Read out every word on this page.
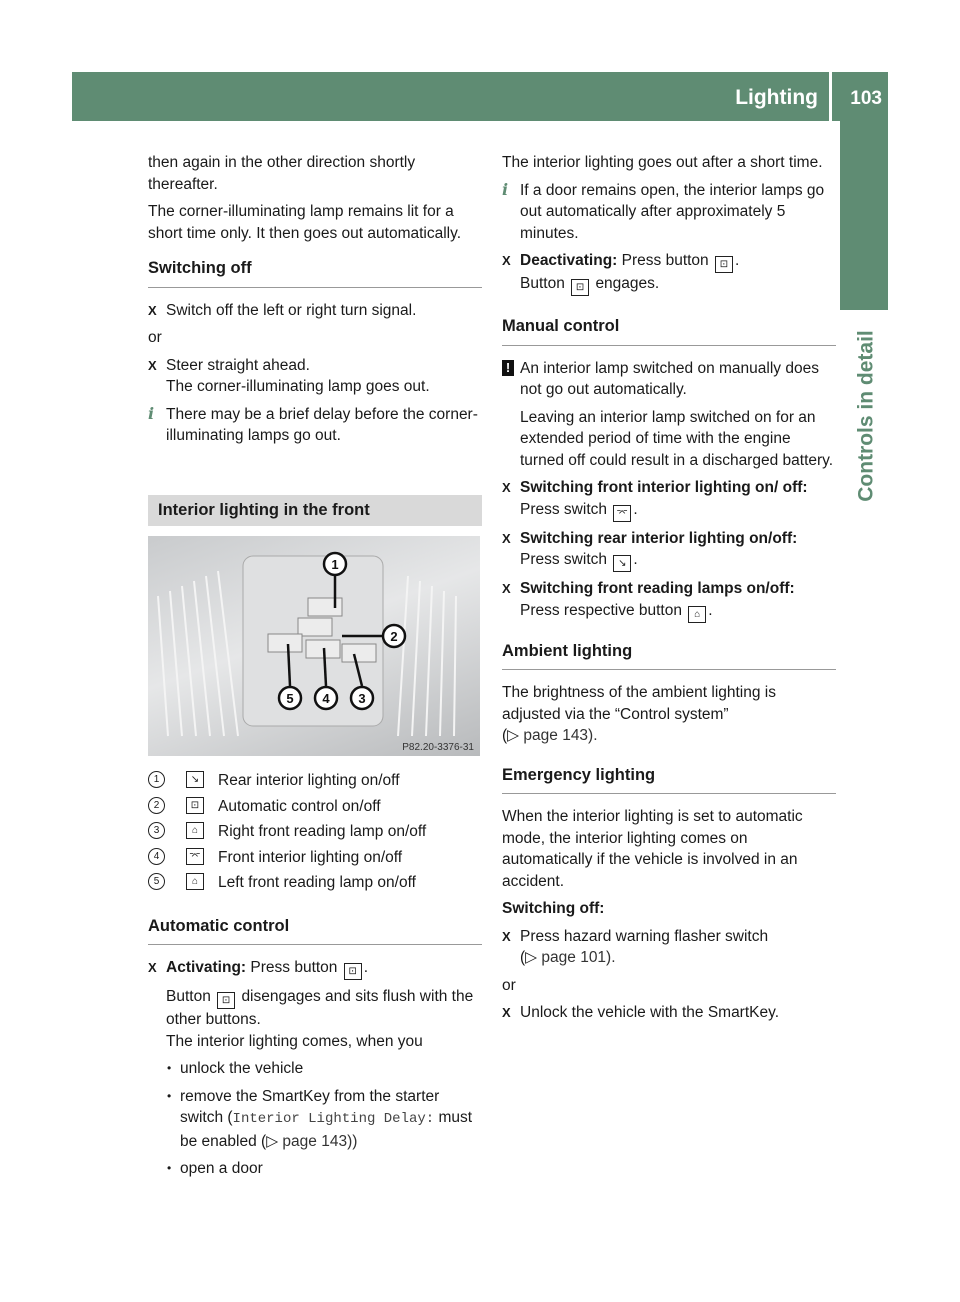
Lighting 103
Controls in detail

then again in the other direction shortly thereafter.

The corner-illuminating lamp remains lit for a short time only. It then goes out automatically.

Switching off
X Switch off the left or right turn signal.

or

X Steer straight ahead.
The corner-illuminating lamp goes out.
i There may be a brief delay before the corner-illuminating lamps go out.
Interior lighting in the front
1
2
3
4
5
P82.20-3376-31
1	↘	Rear interior lighting on/off
2	⊡	Automatic control on/off
3	⌂	Right front reading lamp on/off
4	⌤ Front interior lighting on/off
5	⌂	Left front reading lamp on/off
Automatic control
X Activating: Press button ⊡ .

Button ⊡ disengages and sits flush with the other buttons.
The interior lighting comes, when you

• unlock the vehicle
• remove the SmartKey from the starter switch (Interior Lighting Delay: must be enabled (▷ page 143))
• open a door

The interior lighting goes out after a short time.

i If a door remains open, the interior lamps go out automatically after approximately 5 minutes.
X Deactivating: Press button ⊡ .
Button ⊡ engages.
Manual control
! An interior lamp switched on manually does not go out automatically.

Leaving an interior lamp switched on for an extended period of time with the engine turned off could result in a discharged battery.

X Switching front interior lighting on/ off: Press switch ⌤ .
X Switching rear interior lighting on/off: Press switch ↘ .
X Switching front reading lamps on/off: Press respective button ⌂ .
Ambient lighting

The brightness of the ambient lighting is adjusted via the “Control system”
(▷ page 143).

Emergency lighting

When the interior lighting is set to automatic mode, the interior lighting comes on automatically if the vehicle is involved in an accident.

Switching off:

X Press hazard warning flasher switch
(▷ page 101).

or

X Unlock the vehicle with the SmartKey.
